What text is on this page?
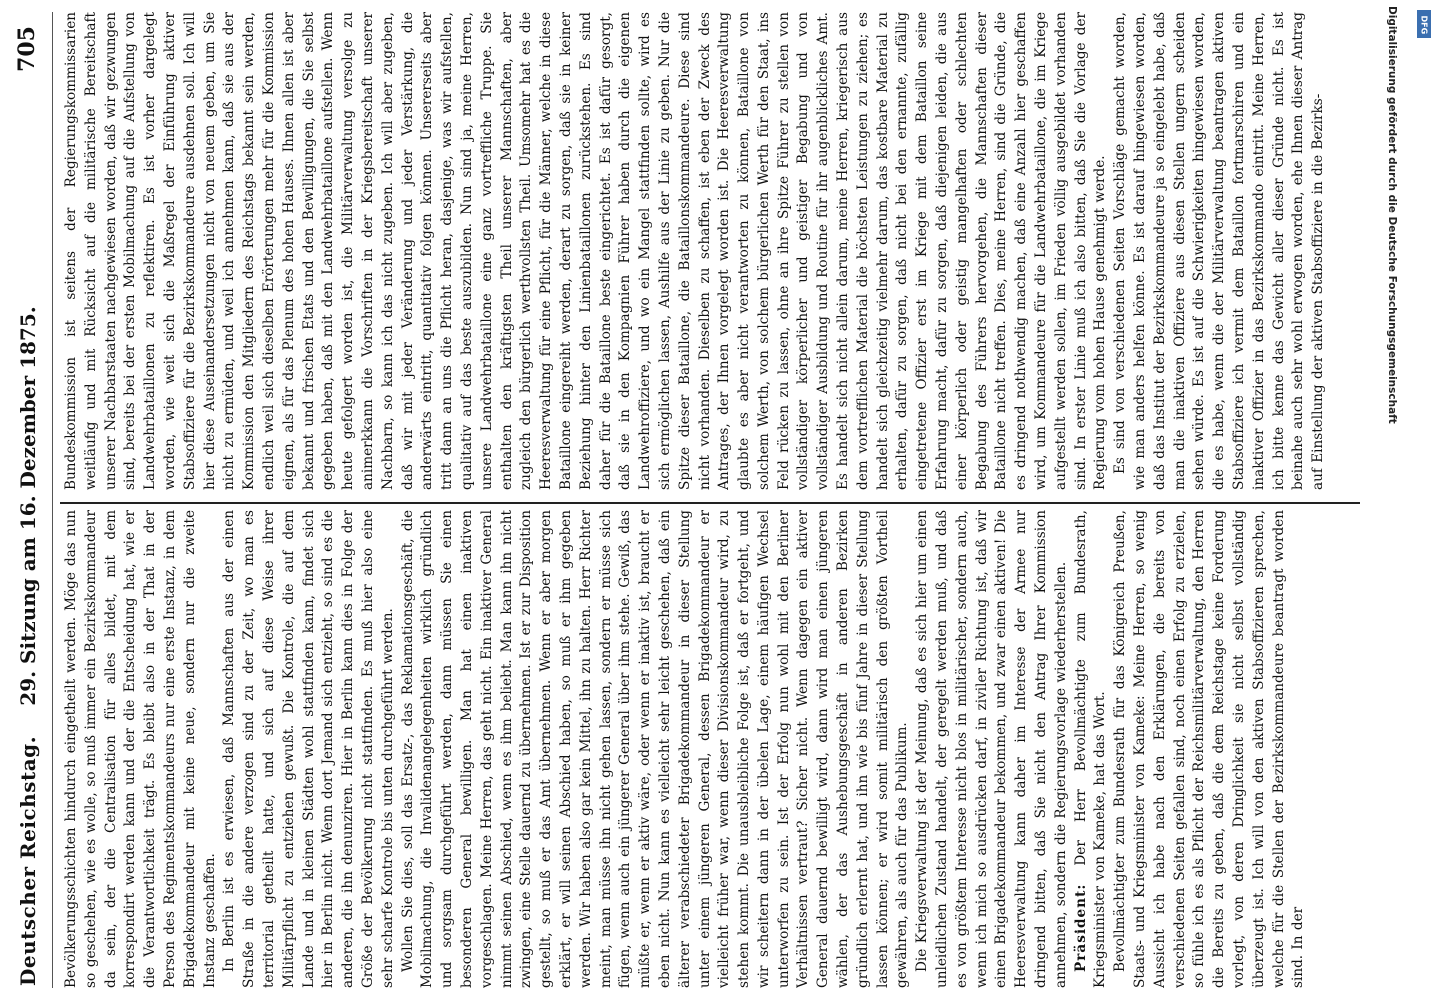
Deutscher Reichstag.
29. Sitzung am 16. Dezember 1875.
705

Bevölkerungsschichten hindurch eingetheilt werden. Möge das nun so geschehen, wie es wolle, so muß immer ein Bezirkskommandeur da sein, der die Centralisation für alles bildet, mit dem korrespondirt werden kann und der die Entscheidung hat, wie er die Verantwortlichkeit trägt. Es bleibt also in der That in der Person des Regimentskommandeurs nur eine erste Instanz, in dem Brigadekommandeur mit keine neue, sondern nur die zweite Instanz geschaffen. In Berlin ist es erwiesen, daß Mannschaften aus der einen Straße in die andere verzogen sind zu der Zeit, wo man es territorial getheilt hatte, und sich auf diese Weise ihrer Militärpflicht zu entziehen gewußt. Die Kontrole, die auf dem Lande und in kleinen Städten wohl stattfinden kann, findet sich hier in Berlin nicht. Wenn dort Jemand sich entzieht, so sind es die anderen, die ihn denunziren. Hier in Berlin kann dies in Folge der Größe der Bevölkerung nicht stattfinden. Es muß hier also eine sehr scharfe Kontrole bis unten durchgeführt werden. Wollen Sie dies, soll das Ersatz-, das Reklamationsgeschäft, die Mobilmachung, die Invalidenangelegenheiten wirklich gründlich und sorgsam durchgeführt werden, dann müssen Sie einen besonderen General bewilligen. Man hat einen inaktiven vorgeschlagen. Meine Herren, das geht nicht. Ein inaktiver General nimmt seinen Abschied, wenn es ihm beliebt. Man kann ihn nicht zwingen, eine Stelle dauernd zu übernehmen. Ist er zur Disposition gestellt, so muß er das Amt übernehmen. Wenn er aber morgen erklärt, er will seinen Abschied haben, so muß er ihm gegeben werden. Wir haben also gar kein Mittel, ihn zu halten. Herr Richter meint, man müsse ihn nicht gehen lassen, sondern er müsse sich fügen, wenn auch ein jüngerer General über ihm stehe. Gewiß, das müßte er, wenn er aktiv wäre, oder wenn er inaktiv ist, braucht er eben nicht. Nun kann es vielleicht sehr leicht geschehen, daß ein älterer verabschiedeter Brigadekommandeur in dieser Stellung unter einem jüngeren General, dessen Brigadekommandeur er vielleicht früher war, wenn dieser Divisionskommandeur wird, zu stehen kommt. Die unausbleibliche Folge ist, daß er fortgeht, und wir scheitern dann in der übelen Lage, einem häufigen Wechsel unterworfen zu sein. Ist der Erfolg nun wohl mit den Berliner Verhältnissen vertraut? Sicher nicht. Wenn dagegen ein aktiver General dauernd bewilligt wird, dann wird man einen jüngeren wählen, der das Aushebungsgeschäft in anderen Bezirken gründlich erlernt hat, und ihn wie bis fünf Jahre in dieser Stellung lassen können; er wird somit militärisch den größten Vortheil gewähren, als auch für das Publikum. Die Kriegsverwaltung ist der Meinung, daß es sich hier um einen unleidlichen Zustand handelt, der geregelt werden muß, und daß es von größtem Interesse nicht blos in militärischer, sondern auch, wenn ich mich so ausdrücken darf, in ziviler Richtung ist, daß wir einen Brigadekommandeur bekommen, und zwar einen aktiven! Die Heeresverwaltung kann daher im Interesse der Armee nur dringend bitten, daß Sie nicht den Antrag Ihrer Kommission annehmen, sondern die Regierungsvorlage wiederherstellen. Präsident: Der Herr Bevollmächtigte zum Bundesrath, Kriegsminister von Kameke, hat das Wort. Bevollmächtigter zum Bundesrath für das Königreich Preußen, Staats- und Kriegsminister von Kameke: Meine Herren, so wenig Aussicht ich habe nach den Erklärungen, die bereits von verschiedenen Seiten gefallen sind, noch einen Erfolg zu erzielen, so fühle ich es als Pflicht der Reichsmilitärverwaltung, den Herren die Bereits zu geben, daß die dem Reichstage keine Forderung vorlegt, von deren Dringlichkeit sie nicht selbst vollständig überzeugt ist. Ich will von den aktiven Stabsoffizieren sprechen, welche für die Stellen der Bezirkskommandeure beantragt worden sind. In der

Bundeskommission ist seitens der Regierungskommissarien weitläufig und mit Rücksicht auf die militärische Bereitschaft unserer Nachbarstaaten nachgewiesen worden, daß wir gezwungen sind, bereits bei der ersten Mobilmachung auf die Aufstellung von Landwehrbataillonen zu reflektiren. Es ist vorher dargelegt worden, wie weit sich die Maßregel der Einführung aktiver Stabsoffiziere für die Bezirkskommandeure ausdehnen soll. Ich will hier diese Auseinandersetzungen nicht von neuem geben, um Sie nicht zu ermüden, und weil ich annehmen kann, daß sie aus der Kommission den Mitgliedern des Reichstags bekannt sein werden, endlich weil sich dieselben Erörterungen mehr für die Kommission eignen, als für das Plenum des hohen Hauses. Ihnen allen ist aber bekannt und frischen Etats und den Bewilligungen, die Sie selbst gegeben haben, daß mit den Landwehrbataillone aufstellen. Wenn heute gefolgert worden ist, die Militärverwaltung versolge zu animerkkann die Vorschriften in der Kriegsbereitschaft unserer Nachbarn, so kann ich das nicht zugeben. Ich will aber zugeben, daß wir mit jeder Veränderung und jeder Verstärkung, die anderwärts eintritt, quantitativ folgen können. Unsererseits aber tritt dann an uns die Pflicht heran, dasjenige, was wir aufstellen, qualitativ auf das beste auszubilden. Nun sind ja, meine Herren, unsere Landwehrbataillone eine ganz vortreffliche Truppe. Sie enthalten den kräftigsten Theil unserer Mannschaften, aber zugleich den bürgerlich werthvollsten Theil. Umsomehr hat es die Heeresverwaltung für eine Pflicht, für die Männer, welche in diese Bataillone eingereiht werden, derart zu sorgen, daß sie in keiner Beziehung hinter den Linienbataillonen zurückstehen. Es sind daher für die Bataillone beste eingerichtet. Es ist dafür gesorgt, daß sie in den Kompagnien Führer haben durch die eigenen Landwehroffiziere, und wo ein Mangel stattfinden sollte, wird es sich ermöglichen lassen, Aushilfe aus der Linie zu geben. Nur die Spitze dieser Bataillone, die Bataillonskommandeure. Diese sind nicht vorhanden. Dieselben zu schaffen, ist eben der Zweck des Antrages, der Ihnen vorgelegt worden ist. Die Heeresverwaltung glaubte es aber nicht verantworten zu können, Bataillone von solchem Werth, von solchem bürgerlichen Werth für den Staat, ins Feld rücken zu lassen, ohne an ihre Spitze Führer zu stellen von vollständiger körperlicher und geistiger Begabung und von vollständiger Ausbildung und Routine für ihr augenblickliches Amt. Es handelt sich nicht allein darum, meine Herren, kriegerisch aus dem vortrefflichen Material die höchsten Leistungen zu ziehen; es handelt sich gleichzeitig vielmehr darum, das kostbare Material zu erhalten, dafür zu sorgen, daß nicht bei den ernannte, zufällig eingetretene Offizier erst im Kriege mit dem Bataillon seine Erfahrung macht, dafür zu sorgen, daß diejenigen leiden, die aus einer körperlich oder geistig mangelhaften oder schlechten Begabung des Führers hervorgehen, die Mannschaften dieser Bataillone nicht treffen. Dies, meine Herren, sind die Gründe, die es dringend nothwendig machen, daß eine Anzahl hier geschaffen wird, um Kommandeure für die Landwehrbataillone, die im Kriege aufgestellt werden sollen, im Frieden völlig ausgebildet vorhanden sind. In erster Linie muß ich also bitten, daß Sie die Vorlage der Regierung vom hohen Hause genehmigt werde. Es sind von verschiedenen Seiten Vorschläge gemacht worden, wie man anders helfen könne. Es ist darauf hingewiesen worden, daß das Institut der Bezirkskommandeure ja so eingelebt habe, daß man die inaktiven Offiziere aus diesen Stellen ungern scheiden sehen würde. Es ist auf die Schwierigkeiten hingewiesen worden, die es habe, wenn die der Militärverwaltung beantragen aktiven Stabsoffiziere ich vermit dem Bataillon fortmarschiren und ein inaktiver Offizier in das Bezirkskommando eintritt. Meine Herren, ich bitte kenne das Gewicht aller dieser Gründe nicht. Es ist beinahe auch sehr wohl erwogen worden, ehe Ihnen dieser Antrag auf Einstellung der aktiven Stabsoffiziere in die Bezirks-	Digitalisierung gefördert durch die Deutsche Forschungsgemeinschaft	DFG
